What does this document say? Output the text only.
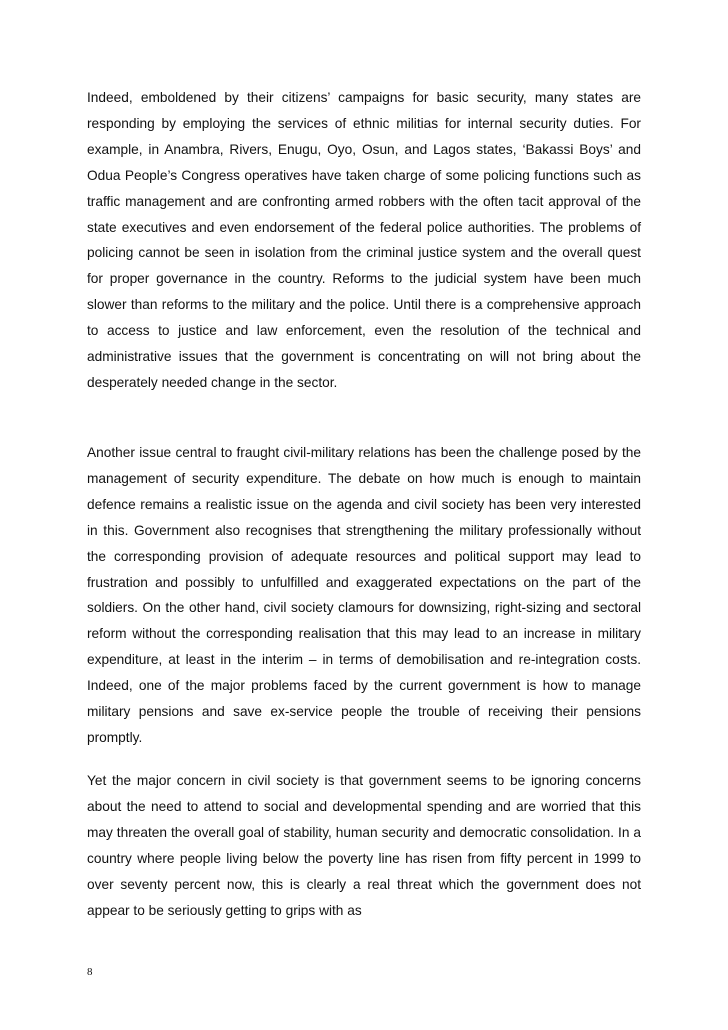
Indeed, emboldened by their citizens’ campaigns for basic security, many states are responding by employing the services of ethnic militias for internal security duties. For example, in Anambra, Rivers, Enugu, Oyo, Osun, and Lagos states, ‘Bakassi Boys’ and Odua People’s Congress operatives have taken charge of some policing functions such as traffic management and are confronting armed robbers with the often tacit approval of the state executives and even endorsement of the federal police authorities. The problems of policing cannot be seen in isolation from the criminal justice system and the overall quest for proper governance in the country. Reforms to the judicial system have been much slower than reforms to the military and the police. Until there is a comprehensive approach to access to justice and law enforcement, even the resolution of the technical and administrative issues that the government is concentrating on will not bring about the desperately needed change in the sector.

Another issue central to fraught civil-military relations has been the challenge posed by the management of security expenditure. The debate on how much is enough to maintain defence remains a realistic issue on the agenda and civil society has been very interested in this. Government also recognises that strengthening the military professionally without the corresponding provision of adequate resources and political support may lead to frustration and possibly to unfulfilled and exaggerated expectations on the part of the soldiers. On the other hand, civil society clamours for downsizing, right-sizing and sectoral reform without the corresponding realisation that this may lead to an increase in military expenditure, at least in the interim – in terms of demobilisation and re-integration costs. Indeed, one of the major problems faced by the current government is how to manage military pensions and save ex-service people the trouble of receiving their pensions promptly.

Yet the major concern in civil society is that government seems to be ignoring concerns about the need to attend to social and developmental spending and are worried that this may threaten the overall goal of stability, human security and democratic consolidation. In a country where people living below the poverty line has risen from fifty percent in 1999 to over seventy percent now, this is clearly a real threat which the government does not appear to be seriously getting to grips with as

8
